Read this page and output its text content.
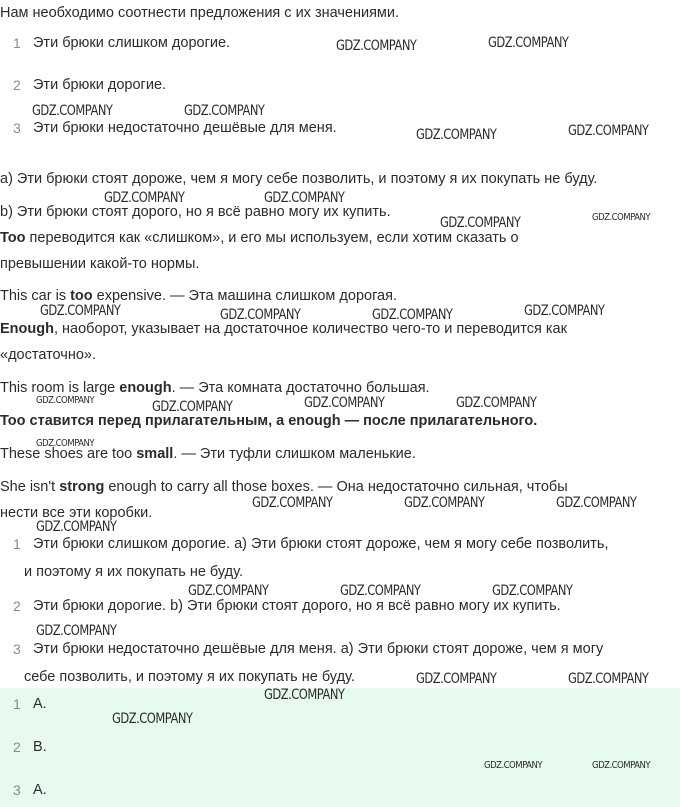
Нам необходимо соотнести предложения с их значениями.
1 Эти брюки слишком дорогие.
2 Эти брюки дорогие.
3 Эти брюки недостаточно дешёвые для меня.
a) Эти брюки стоят дороже, чем я могу себе позволить, и поэтому я их покупать не буду.
b) Эти брюки стоят дорого, но я всё равно могу их купить.
Too переводится как «слишком», и его мы используем, если хотим сказать о
превышении какой-то нормы.
This car is too expensive. — Эта машина слишком дорогая.
Enough, наоборот, указывает на достаточное количество чего-то и переводится как
«достаточно».
This room is large enough. — Эта комната достаточно большая.
Too ставится перед прилагательным, а enough — после прилагательного.
These shoes are too small. — Эти туфли слишком маленькие.
She isn't strong enough to carry all those boxes. — Она недостаточно сильная, чтобы
нести все эти коробки.
1 Эти брюки слишком дорогие. a) Эти брюки стоят дороже, чем я могу себе позволить,
и поэтому я их покупать не буду.
2 Эти брюки дорогие. b) Эти брюки стоят дорого, но я всё равно могу их купить.
3 Эти брюки недостаточно дешёвые для меня. a) Эти брюки стоят дороже, чем я могу
себе позволить, и поэтому я их покупать не буду.
1 A.
2 B.
3 A.
GDZ.COMPANY	GDZ.COMPANY
GDZ.COMPANY	GDZ.COMPANY
GDZ.COMPANY	GDZ.COMPANY
GDZ.COMPANY	GDZ.COMPANY
GDZ.COMPANY	GDZ.COMPANY
GDZ.COMPANY	GDZ.COMPANY	GDZ.COMPANY	GDZ.COMPANY
GDZ.COMPANY	GDZ.COMPANY	GDZ.COMPANY	GDZ.COMPANY
GDZ.COMPANY
GDZ.COMPANY	GDZ.COMPANY	GDZ.COMPANY
GDZ.COMPANY
GDZ.COMPANY	GDZ.COMPANY	GDZ.COMPANY
GDZ.COMPANY
GDZ.COMPANY	GDZ.COMPANY
GDZ.COMPANY
GDZ.COMPANY
GDZ.COMPANY	GDZ.COMPANY
